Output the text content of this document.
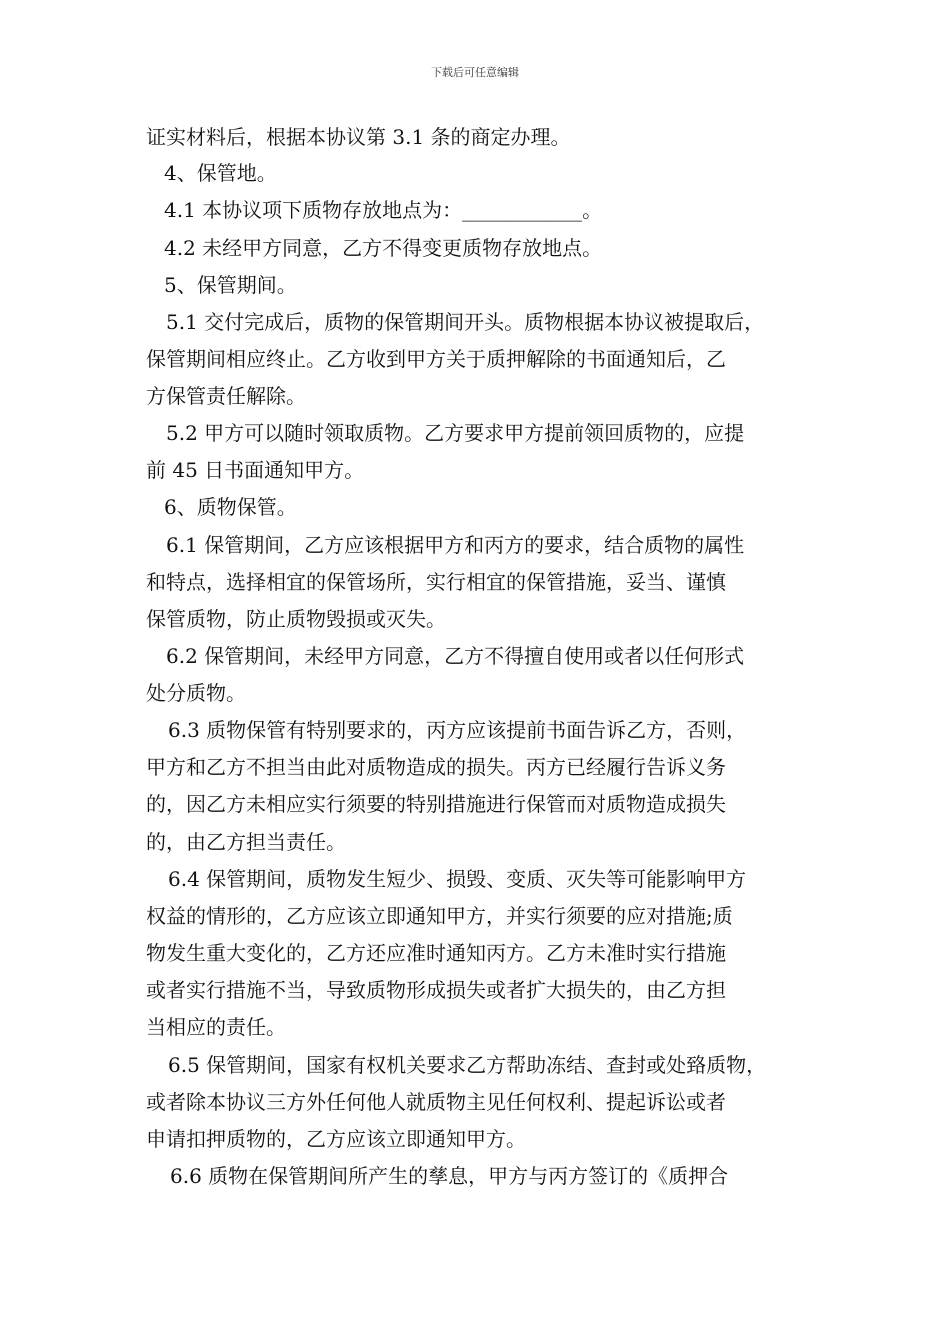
下载后可任意编辑
证实材料后，根据本协议第 3.1 条的商定办理。
4、保管地。
4.1 本协议项下质物存放地点为：____________。
4.2 未经甲方同意，乙方不得变更质物存放地点。
5、保管期间。
5.1 交付完成后，质物的保管期间开头。质物根据本协议被提取后，
保管期间相应终止。乙方收到甲方关于质押解除的书面通知后，乙
方保管责任解除。
5.2 甲方可以随时领取质物。乙方要求甲方提前领回质物的，应提
前 45 日书面通知甲方。
6、质物保管。
6.1 保管期间，乙方应该根据甲方和丙方的要求，结合质物的属性
和特点，选择相宜的保管场所，实行相宜的保管措施，妥当、谨慎
保管质物，防止质物毁损或灭失。
6.2 保管期间，未经甲方同意，乙方不得擅自使用或者以任何形式
处分质物。
6.3 质物保管有特别要求的，丙方应该提前书面告诉乙方，否则，
甲方和乙方不担当由此对质物造成的损失。丙方已经履行告诉义务
的，因乙方未相应实行须要的特别措施进行保管而对质物造成损失
的，由乙方担当责任。
6.4 保管期间，质物发生短少、损毁、变质、灭失等可能影响甲方
权益的情形的，乙方应该立即通知甲方，并实行须要的应对措施;质
物发生重大变化的，乙方还应准时通知丙方。乙方未准时实行措施
或者实行措施不当，导致质物形成损失或者扩大损失的，由乙方担
当相应的责任。
6.5 保管期间，国家有权机关要求乙方帮助冻结、查封或处臵质物，
或者除本协议三方外任何他人就质物主见任何权利、提起诉讼或者
申请扣押质物的，乙方应该立即通知甲方。
6.6 质物在保管期间所产生的孳息，甲方与丙方签订的《质押合
